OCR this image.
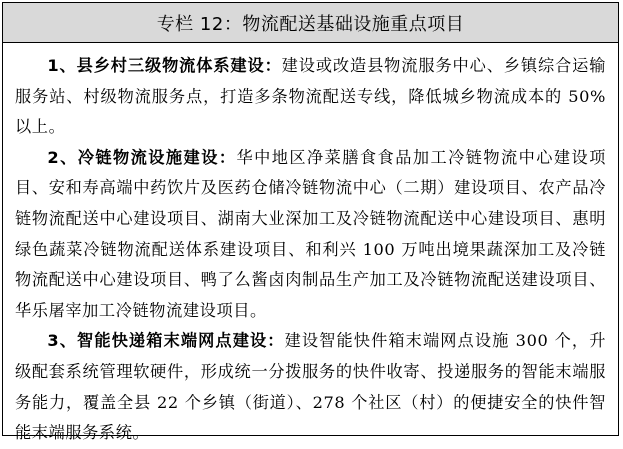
专栏 12：物流配送基础设施重点项目

1、县乡村三级物流体系建设：建设或改造县物流服务中心、乡镇综合运输服务站、村级物流服务点，打造多条物流配送专线，降低城乡物流成本的 50%以上。

2、冷链物流设施建设：华中地区净菜膳食食品加工冷链物流中心建设项目、安和寿高端中药饮片及医药仓储冷链物流中心（二期）建设项目、农产品冷链物流配送中心建设项目、湖南大业深加工及冷链物流配送中心建设项目、惠明绿色蔬菜冷链物流配送体系建设项目、和利兴 100 万吨出境果蔬深加工及冷链物流配送中心建设项目、鸭了么酱卤肉制品生产加工及冷链物流配送建设项目、华乐屠宰加工冷链物流建设项目。

3、智能快递箱末端网点建设：建设智能快件箱末端网点设施 300 个，升级配套系统管理软硬件，形成统一分拨服务的快件收寄、投递服务的智能末端服务能力，覆盖全县 22 个乡镇（街道）、278 个社区（村）的便捷安全的快件智能末端服务系统。
